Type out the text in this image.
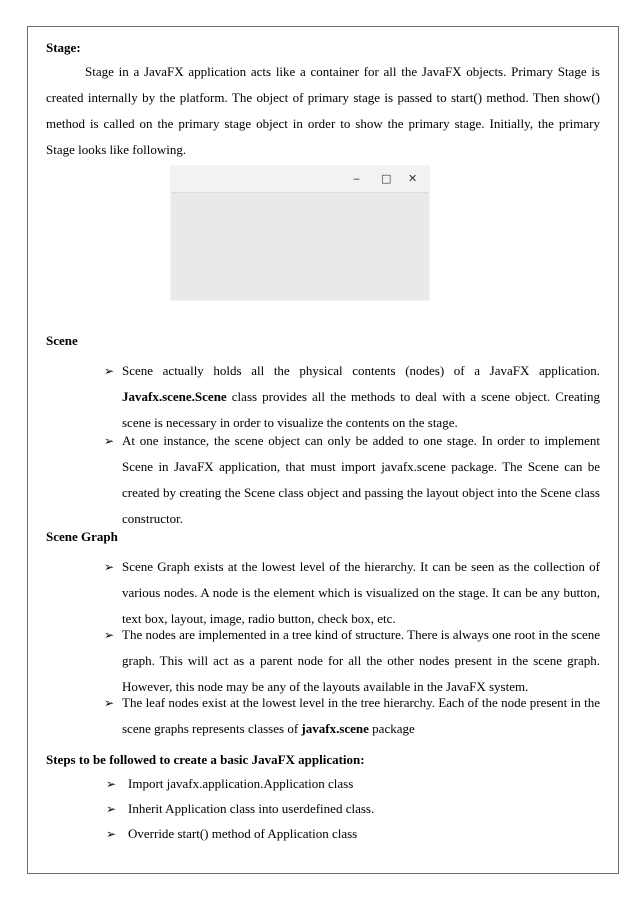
Stage:

Stage in a JavaFX application acts like a container for all the JavaFX objects. Primary Stage is created internally by the platform. The object of primary stage is passed to start() method. Then show() method is called on the primary stage object in order to show the primary stage. Initially, the primary Stage looks like following.

‒ □ ✕

Scene

➢ Scene actually holds all the physical contents (nodes) of a JavaFX application. Javafx.scene.Scene class provides all the methods to deal with a scene object. Creating scene is necessary in order to visualize the contents on the stage.

➢ At one instance, the scene object can only be added to one stage. In order to implement Scene in JavaFX application, that must import javafx.scene package. The Scene can be created by creating the Scene class object and passing the layout object into the Scene class constructor.

Scene Graph

➢ Scene Graph exists at the lowest level of the hierarchy. It can be seen as the collection of various nodes. A node is the element which is visualized on the stage. It can be any button, text box, layout, image, radio button, check box, etc.

➢ The nodes are implemented in a tree kind of structure. There is always one root in the scene graph. This will act as a parent node for all the other nodes present in the scene graph. However, this node may be any of the layouts available in the JavaFX system.

➢ The leaf nodes exist at the lowest level in the tree hierarchy. Each of the node present in the scene graphs represents classes of javafx.scene package

Steps to be followed to create a basic JavaFX application:

➢ Import javafx.application.Application class
➢ Inherit Application class into userdefined class.
➢ Override start() method of Application class
